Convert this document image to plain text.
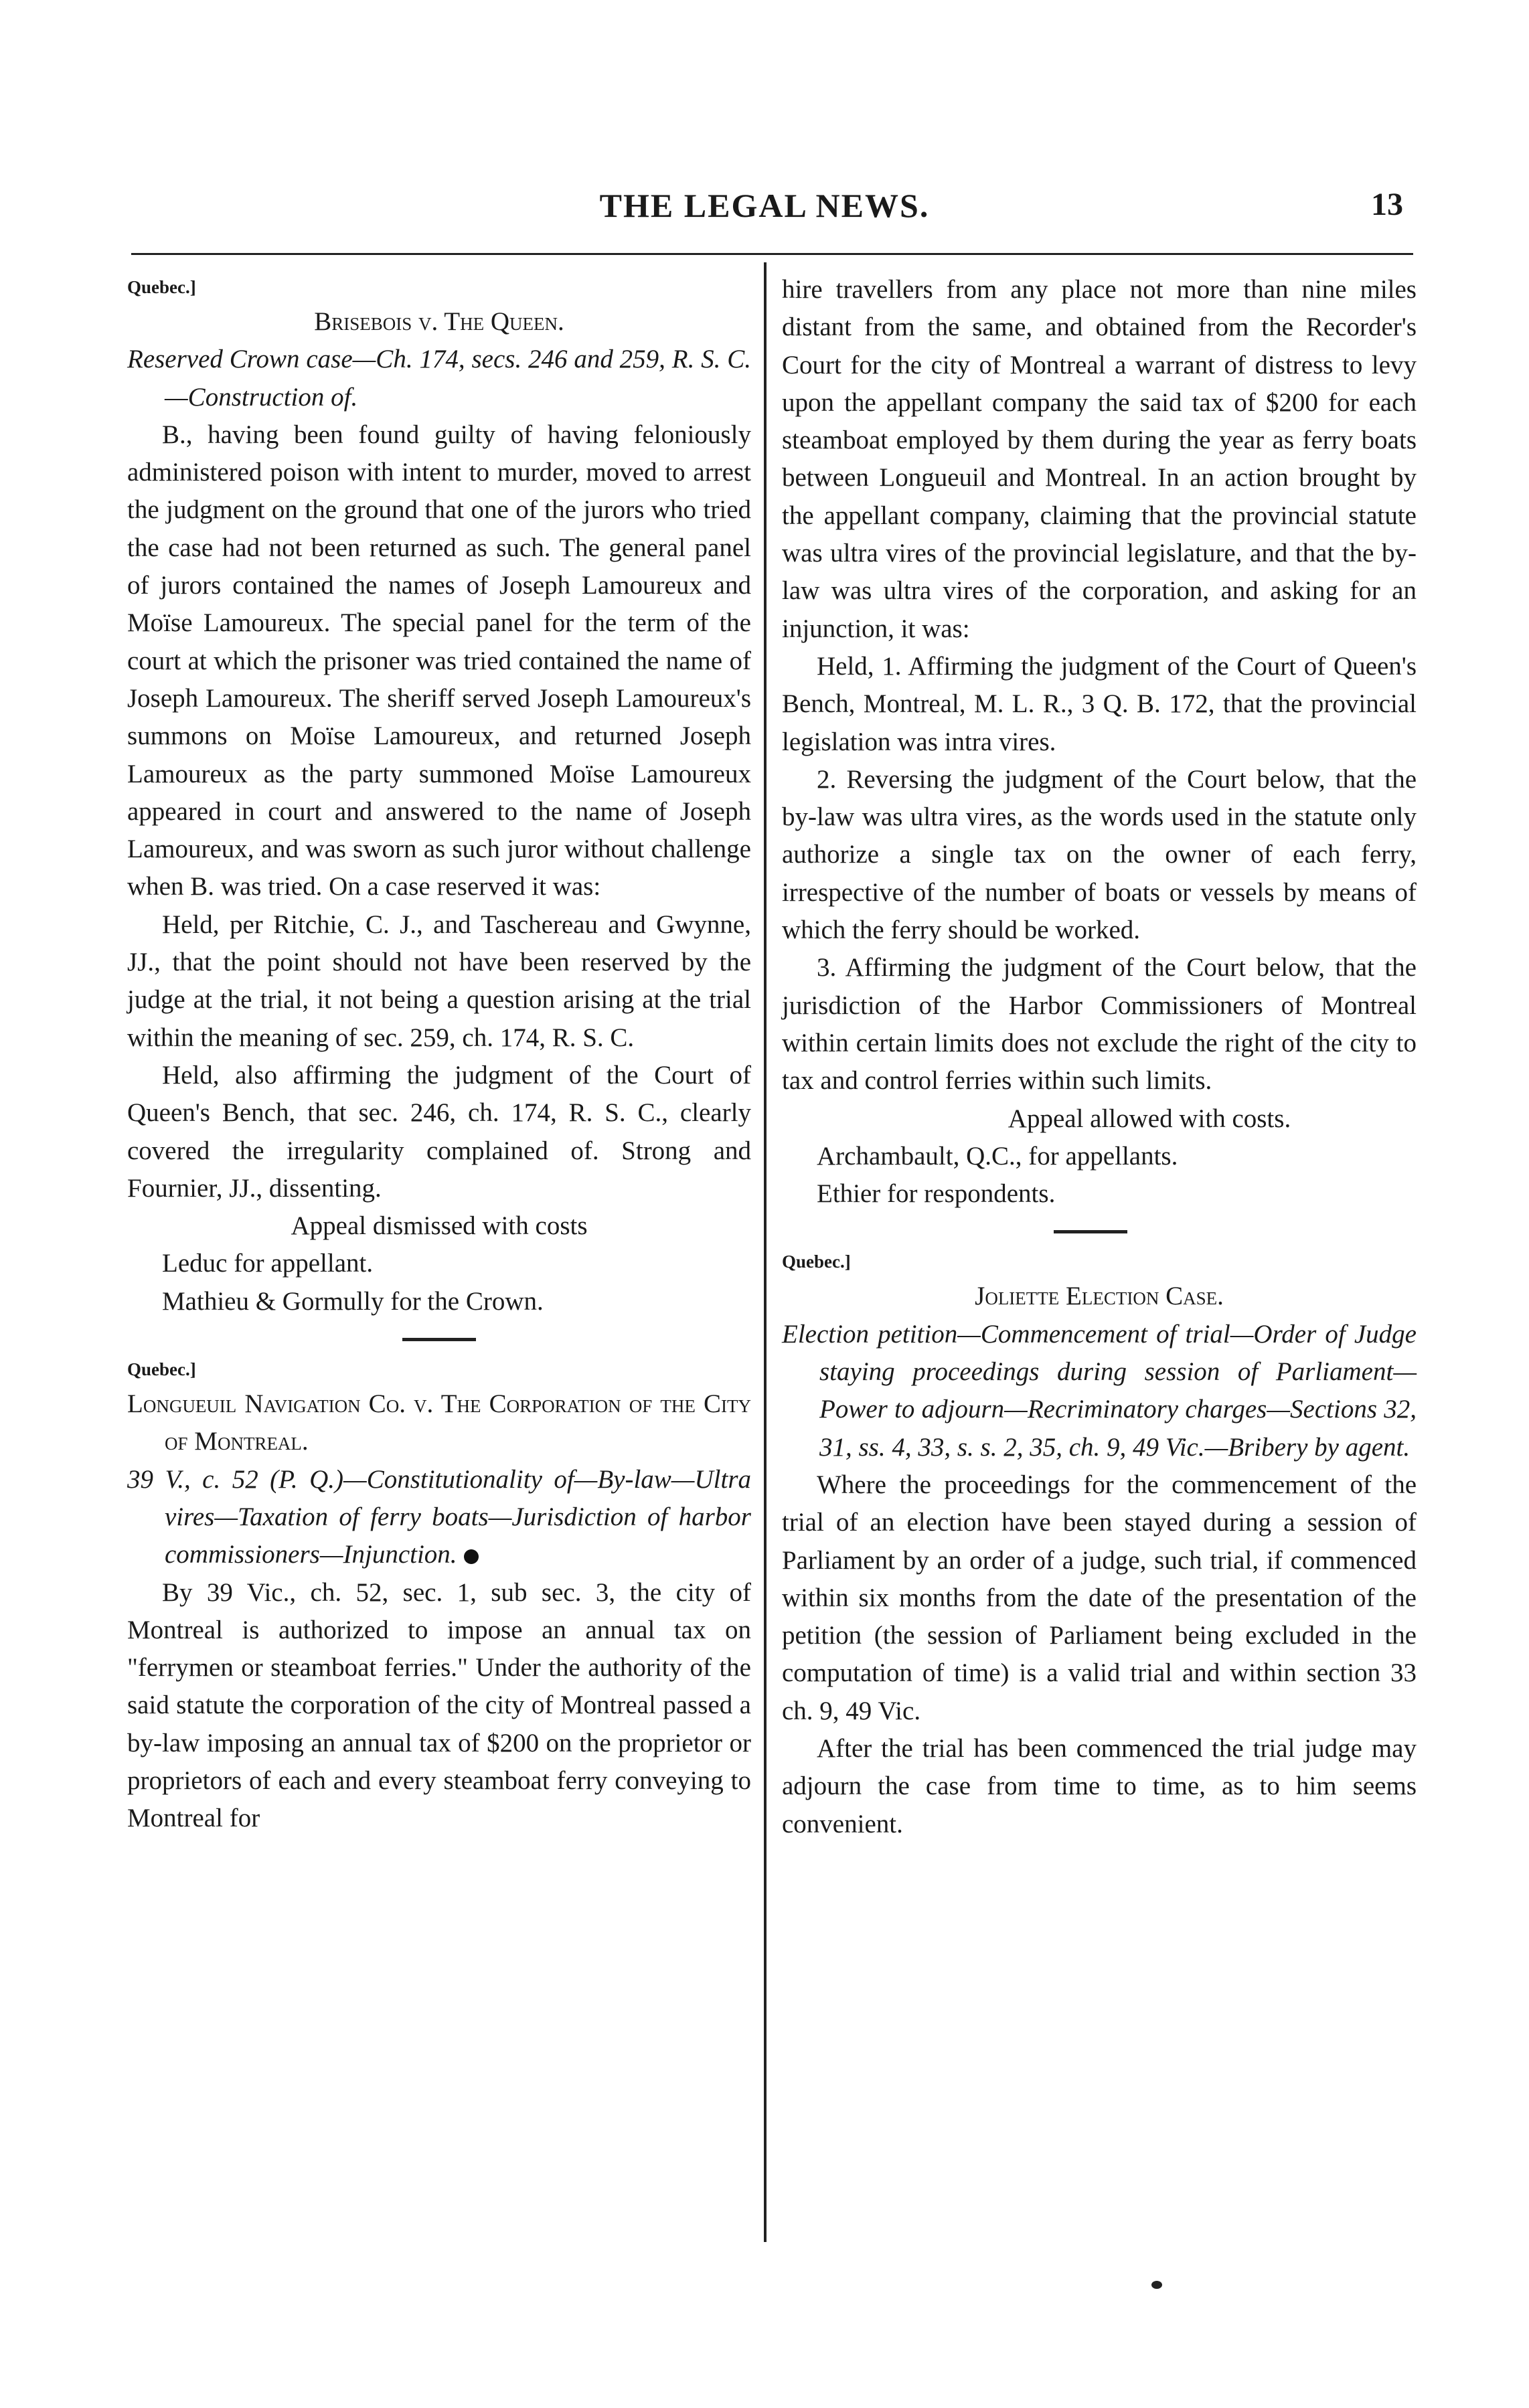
THE LEGAL NEWS.	13
Quebec.]

Brisebois v. The Queen.

Reserved Crown case—Ch. 174, secs. 246 and 259, R. S. C.—Construction of.

B., having been found guilty of having feloniously administered poison with intent to murder, moved to arrest the judgment on the ground that one of the jurors who tried the case had not been returned as such. The general panel of jurors contained the names of Joseph Lamoureux and Moïse Lamoureux. The special panel for the term of the court at which the prisoner was tried contained the name of Joseph Lamoureux. The sheriff served Joseph Lamoureux's summons on Moïse Lamoureux, and returned Joseph Lamoureux as the party summoned Moïse Lamoureux appeared in court and answered to the name of Joseph Lamoureux, and was sworn as such juror without challenge when B. was tried. On a case reserved it was:

Held, per Ritchie, C. J., and Taschereau and Gwynne, JJ., that the point should not have been reserved by the judge at the trial, it not being a question arising at the trial within the meaning of sec. 259, ch. 174, R. S. C.

Held, also affirming the judgment of the Court of Queen's Bench, that sec. 246, ch. 174, R. S. C., clearly covered the irregularity complained of. Strong and Fournier, JJ., dissenting.

Appeal dismissed with costs

Leduc for appellant.

Mathieu & Gormully for the Crown.

Quebec.]

Longueuil Navigation Co. v. The Corporation of the City of Montreal.

39 V., c. 52 (P. Q.)—Constitutionality of—By-law—Ultra vires—Taxation of ferry boats—Jurisdiction of harbor commissioners—Injunction.

By 39 Vic., ch. 52, sec. 1, sub sec. 3, the city of Montreal is authorized to impose an annual tax on "ferrymen or steamboat ferries." Under the authority of the said statute the corporation of the city of Montreal passed a by-law imposing an annual tax of $200 on the proprietor or proprietors of each and every steamboat ferry conveying to Montreal for

hire travellers from any place not more than nine miles distant from the same, and obtained from the Recorder's Court for the city of Montreal a warrant of distress to levy upon the appellant company the said tax of $200 for each steamboat employed by them during the year as ferry boats between Longueuil and Montreal. In an action brought by the appellant company, claiming that the provincial statute was ultra vires of the provincial legislature, and that the by-law was ultra vires of the corporation, and asking for an injunction, it was:

Held, 1. Affirming the judgment of the Court of Queen's Bench, Montreal, M. L. R., 3 Q. B. 172, that the provincial legislation was intra vires.

2. Reversing the judgment of the Court below, that the by-law was ultra vires, as the words used in the statute only authorize a single tax on the owner of each ferry, irrespective of the number of boats or vessels by means of which the ferry should be worked.

3. Affirming the judgment of the Court below, that the jurisdiction of the Harbor Commissioners of Montreal within certain limits does not exclude the right of the city to tax and control ferries within such limits.

Appeal allowed with costs.

Archambault, Q.C., for appellants.

Ethier for respondents.

Quebec.]

Joliette Election Case.

Election petition—Commencement of trial—Order of Judge staying proceedings during session of Parliament—Power to adjourn—Recriminatory charges—Sections 32, 31, ss. 4, 33, s. s. 2, 35, ch. 9, 49 Vic.—Bribery by agent.

Where the proceedings for the commencement of the trial of an election have been stayed during a session of Parliament by an order of a judge, such trial, if commenced within six months from the date of the presentation of the petition (the session of Parliament being excluded in the computation of time) is a valid trial and within section 33 ch. 9, 49 Vic.

After the trial has been commenced the trial judge may adjourn the case from time to time, as to him seems convenient.
